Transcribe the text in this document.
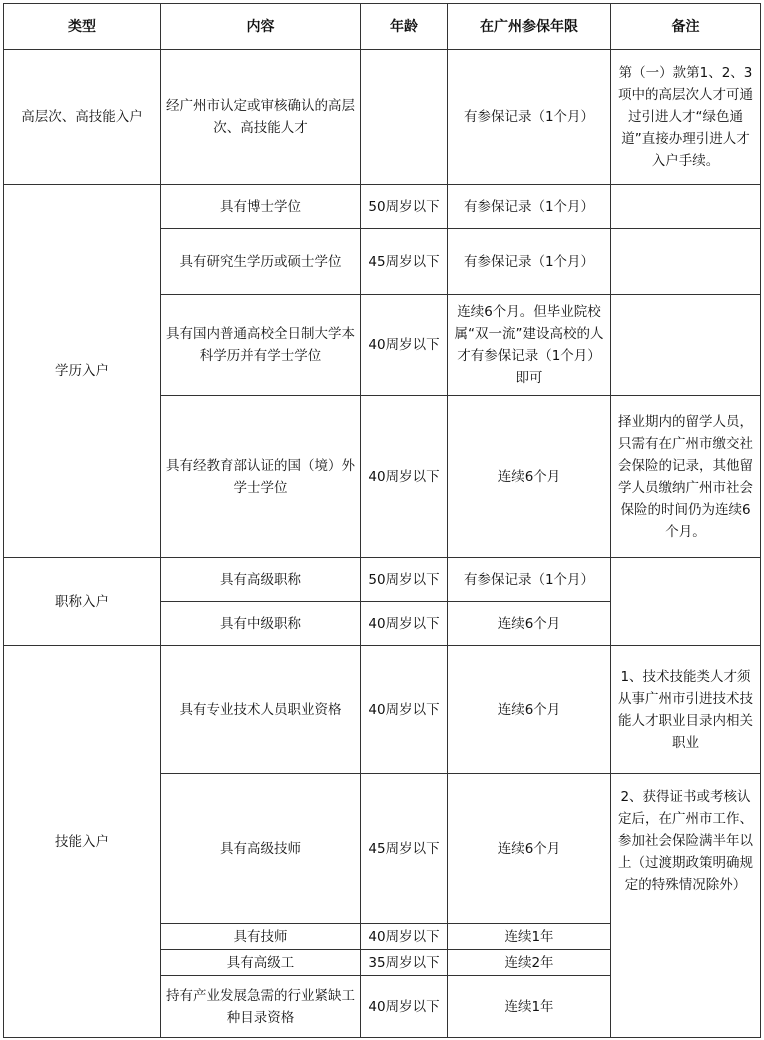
类型	内容	年龄	在广州参保年限	备注
高层次、高技能入户	经广州市认定或审核确认的高层次、高技能人才		有参保记录（1个月）	第（一）款第1、2、3项中的高层次人才可通过引进人才“绿色通道”直接办理引进人才入户手续。
学历入户	具有博士学位	50周岁以下	有参保记录（1个月）	
	具有研究生学历或硕士学位	45周岁以下	有参保记录（1个月）	
	具有国内普通高校全日制大学本科学历并有学士学位	40周岁以下	连续6个月。但毕业院校属“双一流”建设高校的人才有参保记录（1个月）即可	
	具有经教育部认证的国（境）外学士学位	40周岁以下	连续6个月	择业期内的留学人员，只需有在广州市缴交社会保险的记录，其他留学人员缴纳广州市社会保险的时间仍为连续6个月。
职称入户	具有高级职称	50周岁以下	有参保记录（1个月）	
	具有中级职称	40周岁以下	连续6个月	
技能入户	具有专业技术人员职业资格	40周岁以下	连续6个月	1、技术技能类人才须从事广州市引进技术技能人才职业目录内相关职业
	具有高级技师	45周岁以下	连续6个月	2、获得证书或考核认定后，在广州市工作、参加社会保险满半年以上（过渡期政策明确规定的特殊情况除外）
	具有技师	40周岁以下	连续1年	
	具有高级工	35周岁以下	连续2年	
	持有产业发展急需的行业紧缺工种目录资格	40周岁以下	连续1年	
